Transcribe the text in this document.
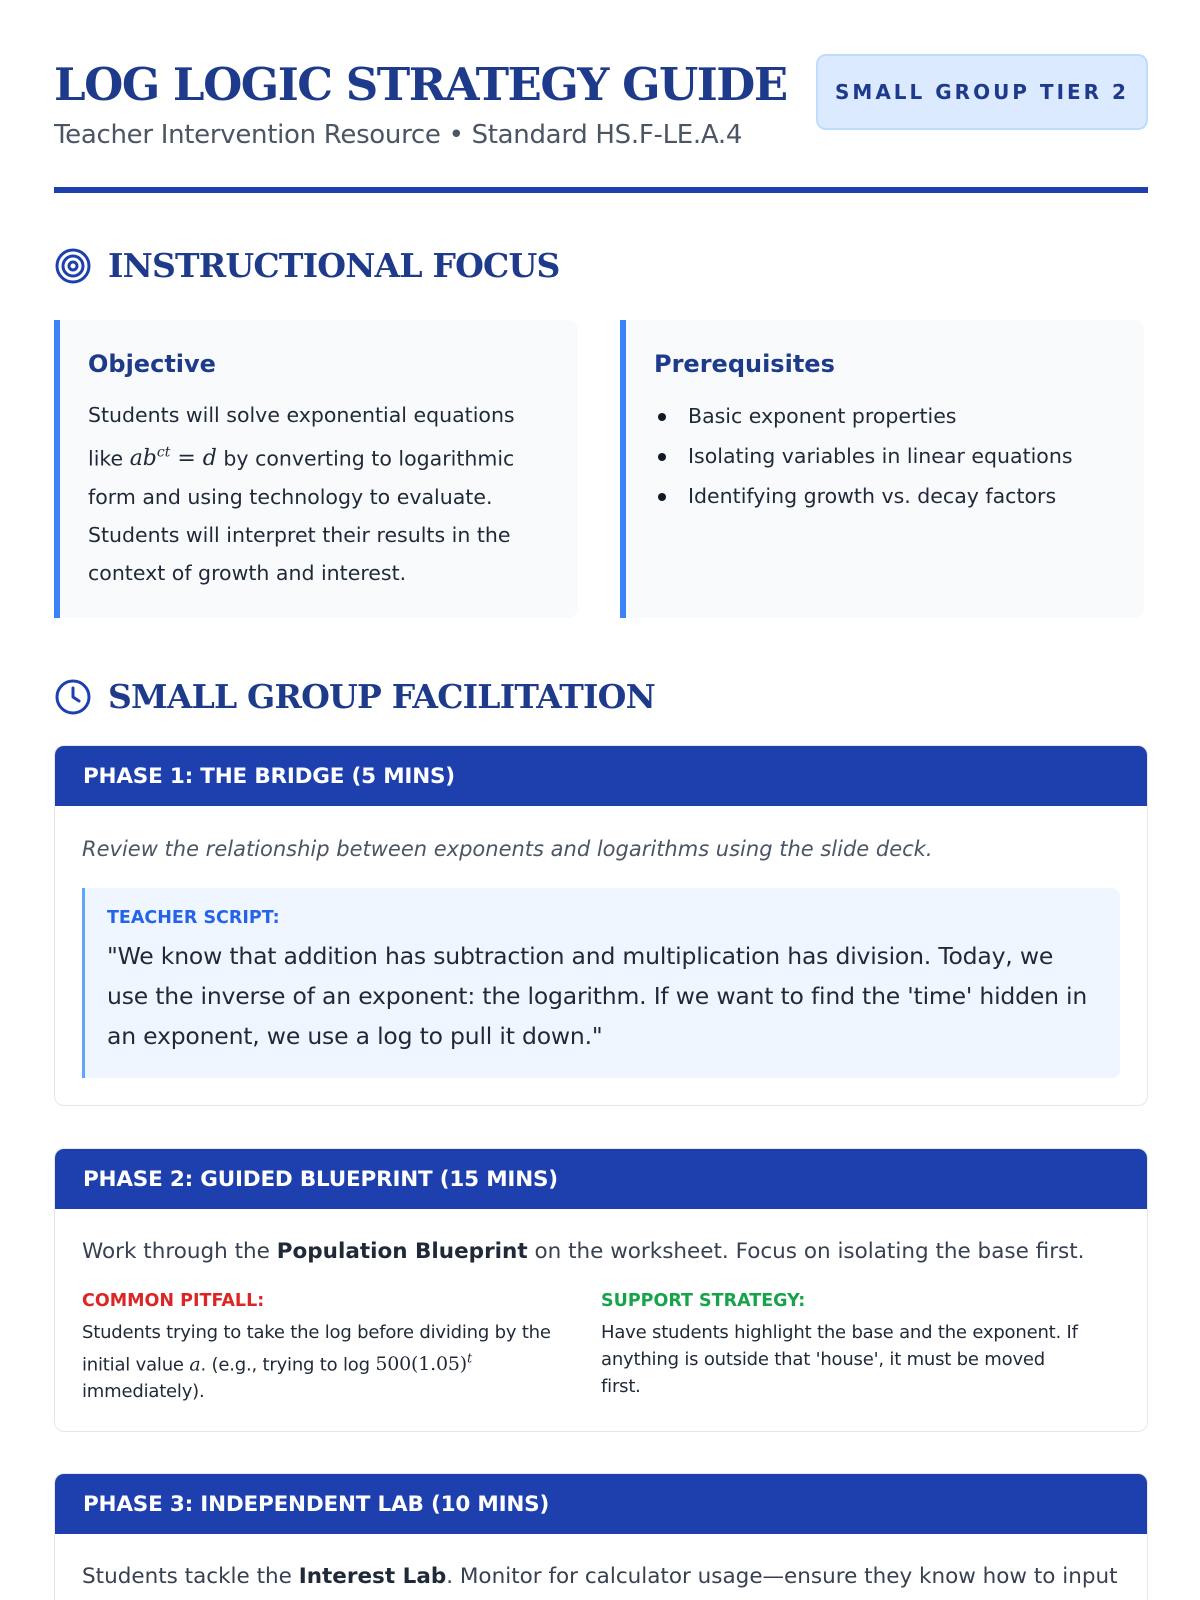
LOG LOGIC STRATEGY GUIDE
Teacher Intervention Resource • Standard HS.F-LE.A.4
SMALL GROUP TIER 2
INSTRUCTIONAL FOCUS
Objective

Students will solve exponential equations like $ab^{ct} = d$ by converting to logarithmic form and using technology to evaluate. Students will interpret their results in the context of growth and interest.

Prerequisites
Basic exponent properties
Isolating variables in linear equations
Identifying growth vs. decay factors
SMALL GROUP FACILITATION
PHASE 1: THE BRIDGE (5 MINS)
Review the relationship between exponents and logarithms using the slide deck.
TEACHER SCRIPT:
"We know that addition has subtraction and multiplication has division. Today, we use the inverse of an exponent: the logarithm. If we want to find the 'time' hidden in an exponent, we use a log to pull it down."
PHASE 2: GUIDED BLUEPRINT (15 MINS)
Work through the Population Blueprint on the worksheet. Focus on isolating the base first.
COMMON PITFALL:
Students trying to take the log before dividing by the initial value a. (e.g., trying to $\log 500(1.05)^t$ immediately).
SUPPORT STRATEGY:
Have students highlight the base and the exponent. If anything is outside that 'house', it must be moved first.
PHASE 3: INDEPENDENT LAB (10 MINS)
Students tackle the Interest Lab. Monitor for calculator usage—ensure they know how to input
